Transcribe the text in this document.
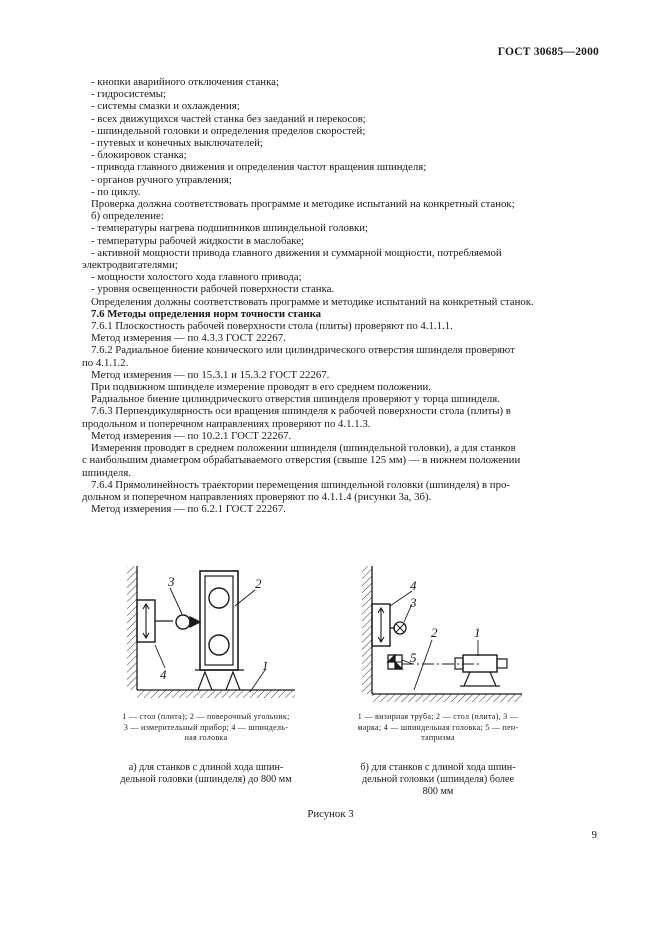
ГОСТ 30685—2000

- кнопки аварийного отключения станка;

- гидросистемы;

- системы смазки и охлаждения;

- всех движущихся частей станка без заеданий и перекосов;

- шпиндельной головки и определения пределов скоростей;

- путевых и конечных выключателей;

- блокировок станка;

- привода главного движения и определения частот вращения шпинделя;

- органов ручного управления;

- по циклу.

Проверка должна соответствовать программе и методике испытаний на конкретный станок;

б) определение:

- температуры нагрева подшипников шпиндельной головки;

- температуры рабочей жидкости в маслобаке;

- активной мощности привода главного движения и суммарной мощности, потребляемой

электродвигателями;

- мощности холостого хода главного привода;

- уровня освещенности рабочей поверхности станка.

Определения должны соответствовать программе и методике испытаний на конкретный станок.

7.6 Методы определения норм точности станка

7.6.1 Плоскостность рабочей поверхности стола (плиты) проверяют по 4.1.1.1.

Метод измерения — по 4.3.3 ГОСТ 22267.

7.6.2 Радиальное биение конического или цилиндрического отверстия шпинделя проверяют

по 4.1.1.2.

Метод измерения — по 15.3.1 и 15.3.2 ГОСТ 22267.

При подвижном шпинделе измерение проводят в его среднем положении.

Радиальное биение цилиндрического отверстия шпинделя проверяют у торца шпинделя.

7.6.3 Перпендикулярность оси вращения шпинделя к рабочей поверхности стола (плиты) в

продольном и поперечном направлениях проверяют по 4.1.1.3.

Метод измерения — по 10.2.1 ГОСТ 22267.

Измерения проводят в среднем положении шпинделя (шпиндельной головки), а для станков

с наибольшим диаметром обрабатываемого отверстия (свыше 125 мм) — в нижнем положении

шпинделя.

7.6.4 Прямолинейность траектории перемещения шпиндельной головки (шпинделя) в про-

дольном и поперечном направлениях проверяют по 4.1.1.4 (рисунки 3а, 3б).

Метод измерения — по 6.2.1 ГОСТ 22267.

1
2
3
4
1
2
3
4
5
1 — стол (плита); 2 — поверочный угольник;
3 — измерительный прибор; 4 — шпиндель-
ная головка
1 — визирная труба; 2 — стол (плита), 3 —
марка; 4 — шпиндельная головка; 5 — пен-
тапризма
а) для станков с длиной хода шпин-
дельной головки (шпинделя) до 800 мм
б) для станков с длиной хода шпин-
дельной головки (шпинделя) более
800 мм
Рисунок 3
9
